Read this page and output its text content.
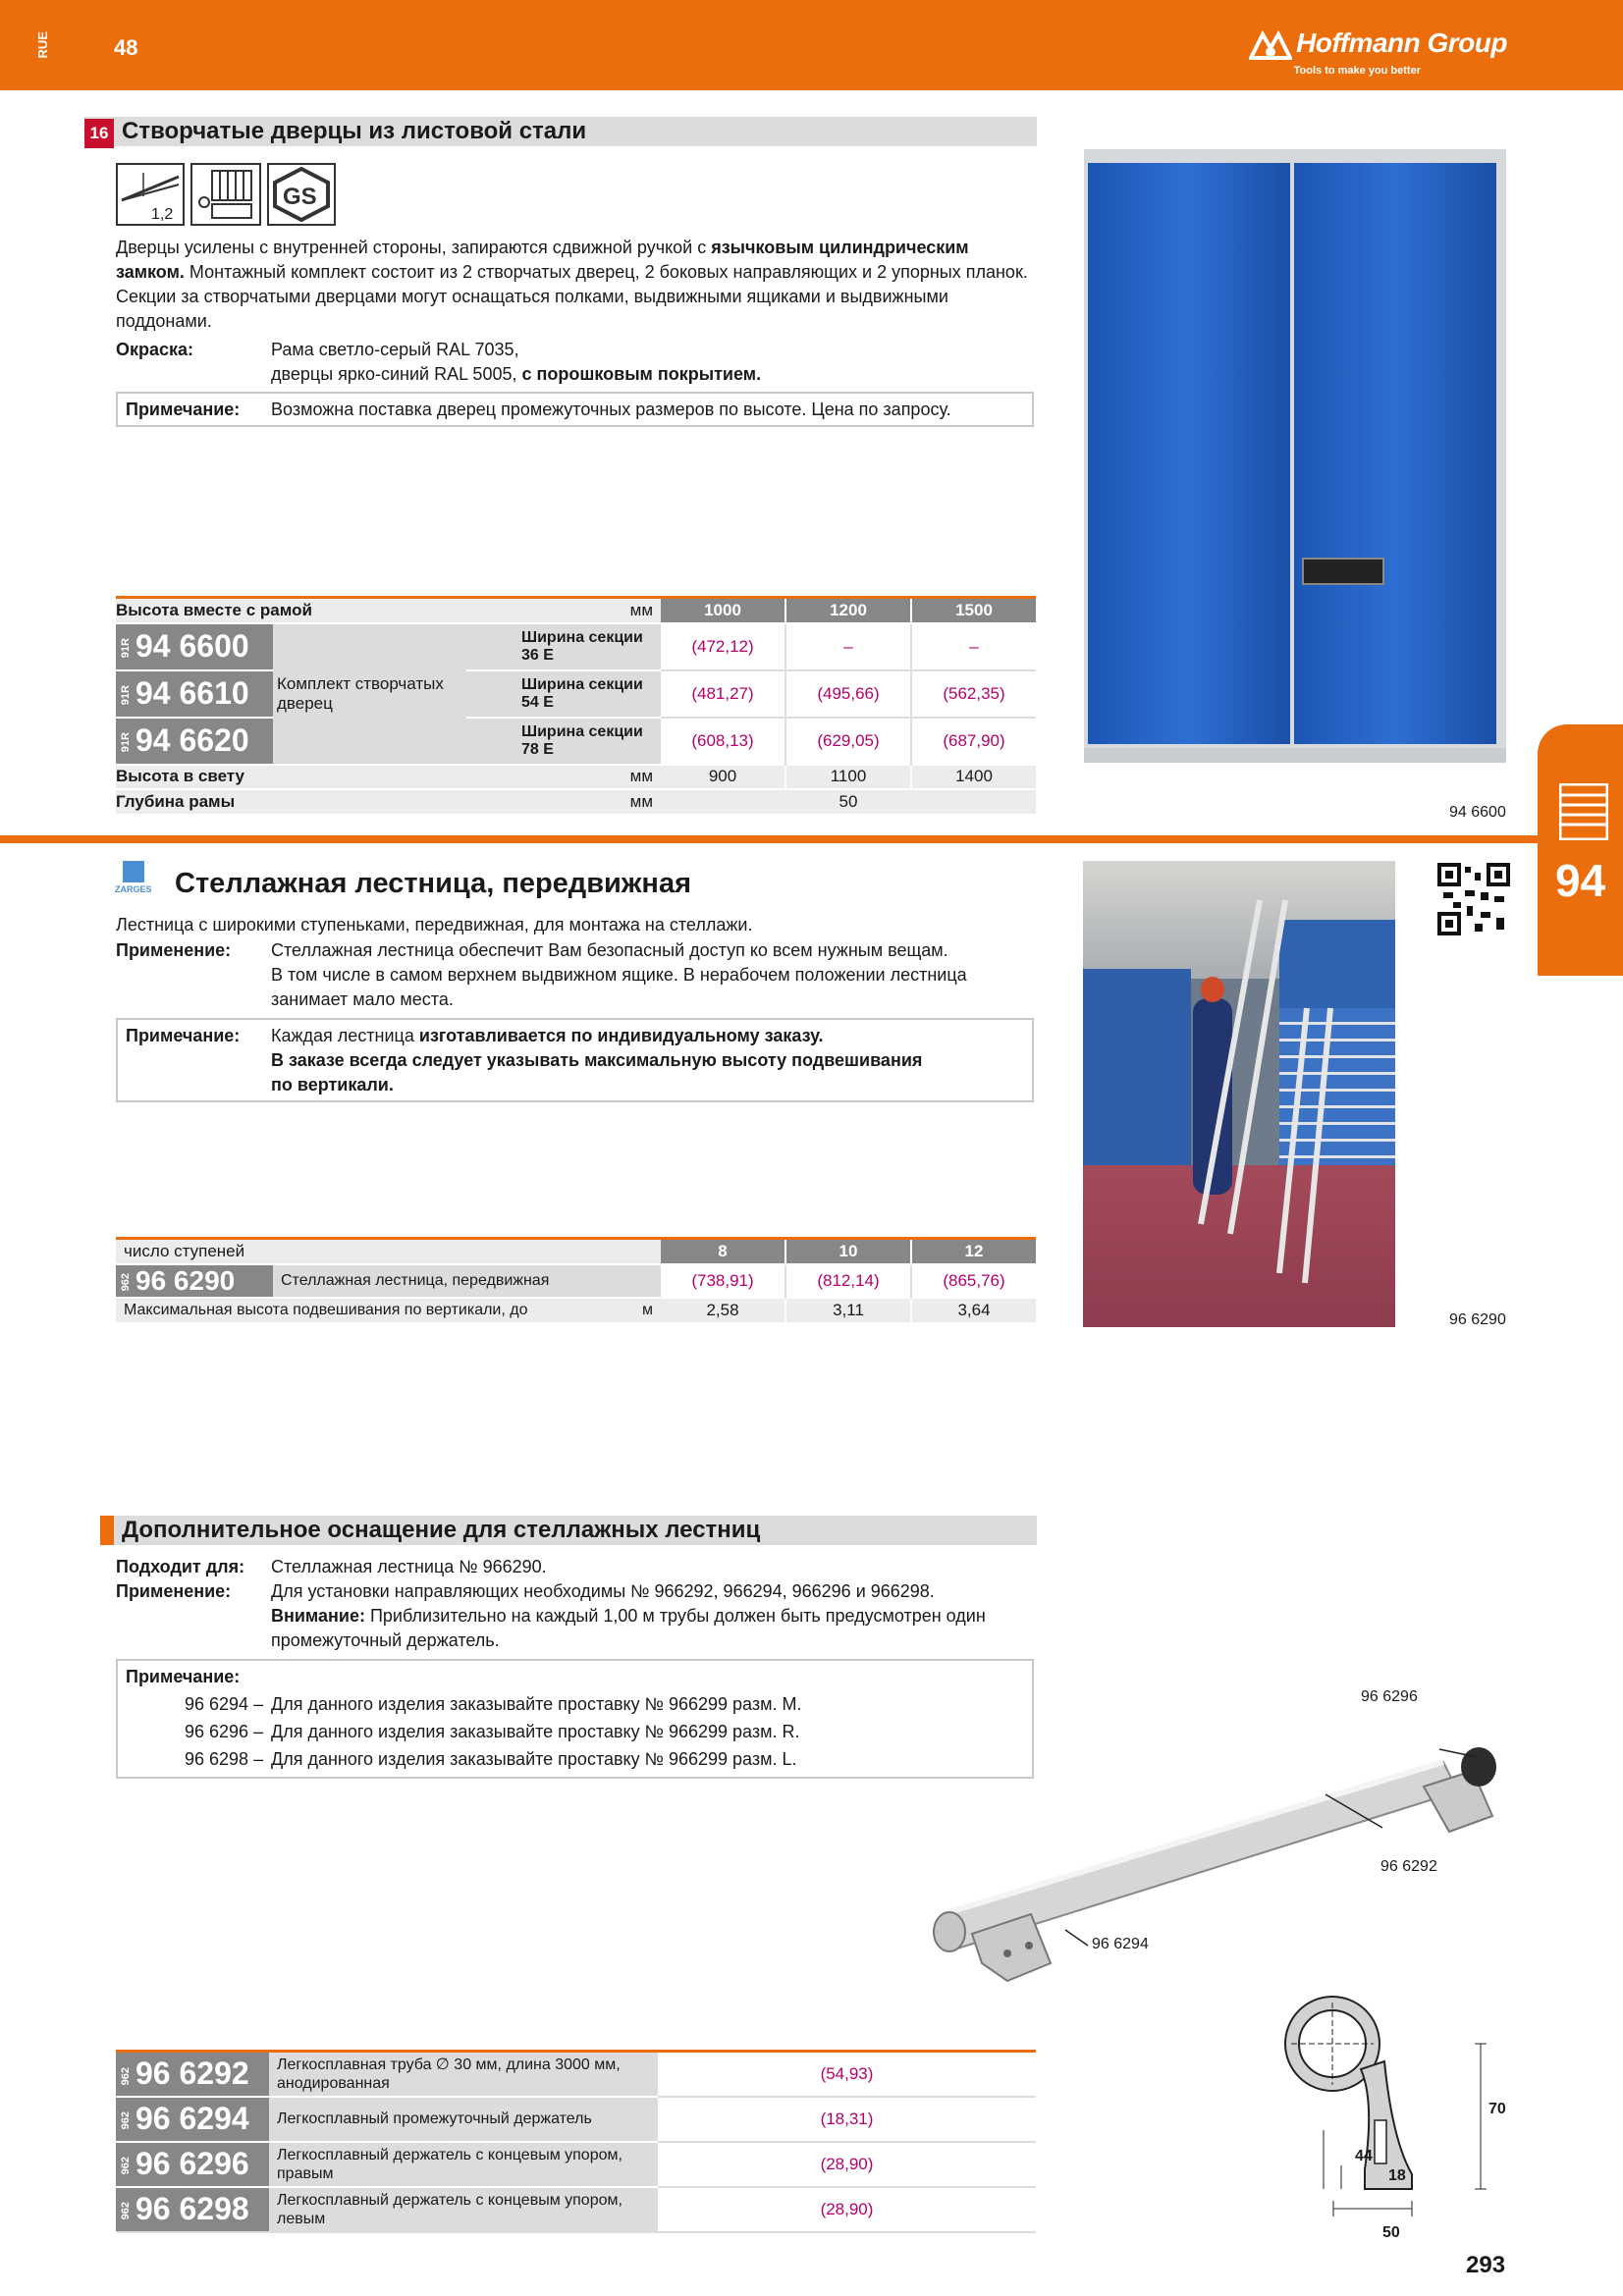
RUE	48	Hoffmann Group
Tools to make you better
16 Створчатые дверцы из листовой стали
1,2
GS
Дверцы усилены с внутренней стороны, запираются сдвижной ручкой с язычковым цилиндрическим замком. Монтажный комплект состоит из 2 створчатых дверец, 2 боковых направляющих и 2 упорных планок. Секции за створчатыми дверцами могут оснащаться полками, выдвижными ящиками и выдвижными поддонами.
Окраска:	Рама светло-серый RAL 7035,
дверцы ярко-синий RAL 5005, с порошковым покрытием.
Примечание: Возможна поставка дверец промежуточных размеров по высоте. Цена по запросу.
94 6600
Высота вместе с рамой		мм	1000	1200	1500
91R 94 6600	Комплект створчатых дверец	Ширина секции 36 E	(472,12)	–	–
91R 94 6610		Ширина секции 54 E	(481,27)	(495,66)	(562,35)
91R 94 6620		Ширина секции 78 E	(608,13)	(629,05)	(687,90)
Высота в свету		мм	900	1100	1400
Глубина рамы		мм	50		
94
ZARGES Стеллажная лестница, передвижная
Лестница с широкими ступеньками, передвижная, для монтажа на стеллажи.
Применение: Стеллажная лестница обеспечит Вам безопасный доступ ко всем нужным вещам.
В том числе в самом верхнем выдвижном ящике. В нерабочем положении лестница
занимает мало места.
Примечание: Каждая лестница изготавливается по индивидуальному заказу.
В заказе всегда следует указывать максимальную высоту подвешивания
по вертикали.
96 6290
число ступеней		8	10	12
962 96 6290	Стеллажная лестница, передвижная	(738,91)	(812,14)	(865,76)
Максимальная высота подвешивания по вертикали, до м		2,58	3,11	3,64
Дополнительное оснащение для стеллажных лестниц
Подходит для: Стеллажная лестница № 966290.
Применение: Для установки направляющих необходимы № 966292, 966294, 966296 и 966298.
Внимание: Приблизительно на каждый 1,00 м трубы должен быть предусмотрен один
промежуточный держатель.
Примечание:
96 6294 – Для данного изделия заказывайте проставку № 966299 разм. M.
96 6296 – Для данного изделия заказывайте проставку № 966299 разм. R.
96 6298 – Для данного изделия заказывайте проставку № 966299 разм. L.
96 6296
96 6292
96 6294
70
44
18
50
962 96 6292	Легкосплавная труба ∅ 30 мм, длина 3000 мм, анодированная	(54,93)
962 96 6294	Легкосплавный промежуточный держатель	(18,31)
962 96 6296	Легкосплавный держатель с концевым упором, правым	(28,90)
962 96 6298	Легкосплавный держатель с концевым упором, левым	(28,90)
293
